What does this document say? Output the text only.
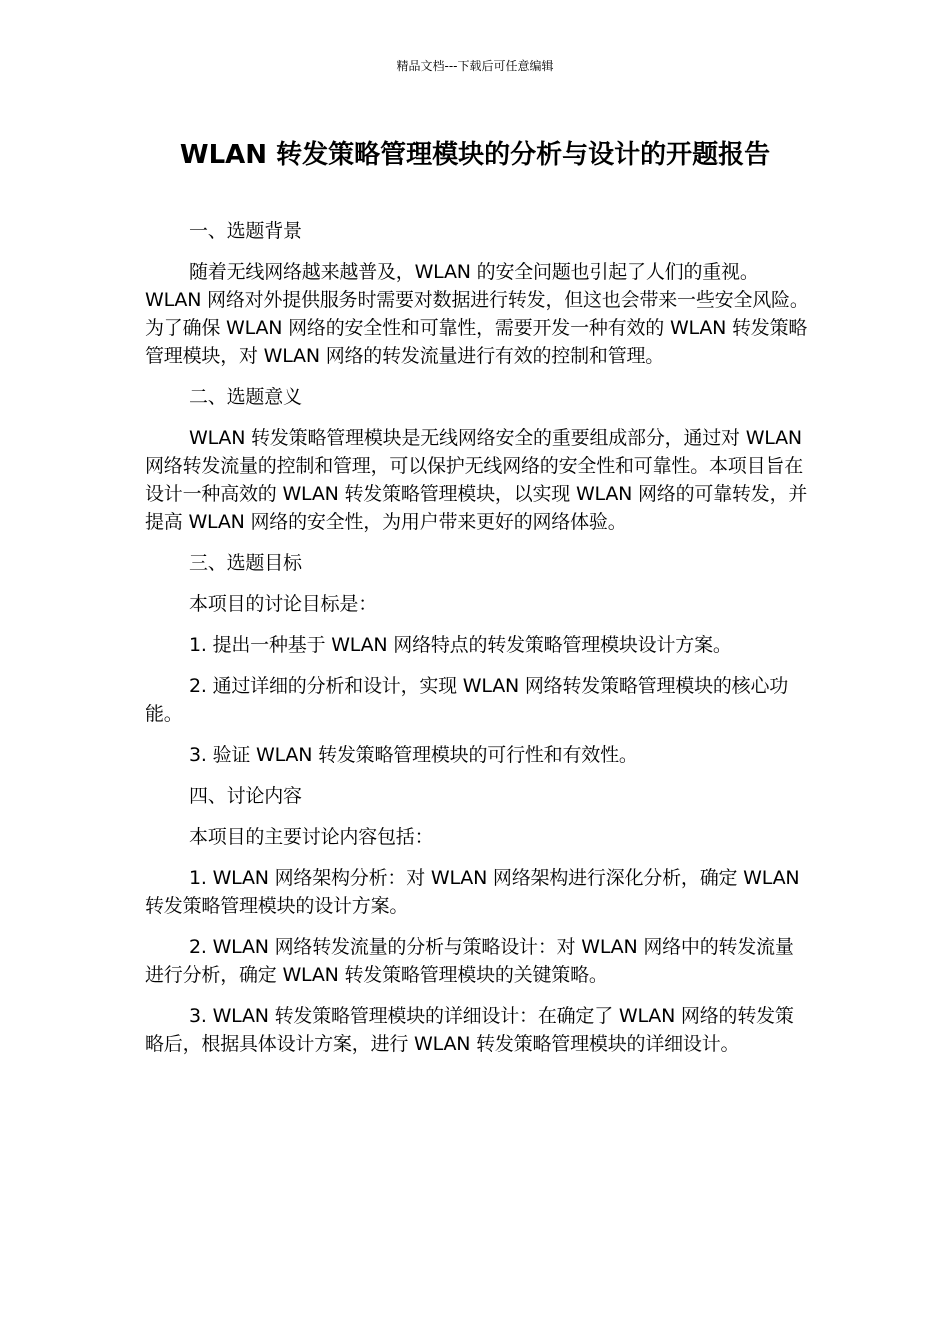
精品文档---下载后可任意编辑
WLAN 转发策略管理模块的分析与设计的开题报告

一、选题背景

随着无线网络越来越普及，WLAN 的安全问题也引起了人们的重视。WLAN 网络对外提供服务时需要对数据进行转发，但这也会带来一些安全风险。为了确保 WLAN 网络的安全性和可靠性，需要开发一种有效的 WLAN 转发策略管理模块，对 WLAN 网络的转发流量进行有效的控制和管理。

二、选题意义

WLAN 转发策略管理模块是无线网络安全的重要组成部分，通过对 WLAN 网络转发流量的控制和管理，可以保护无线网络的安全性和可靠性。本项目旨在设计一种高效的 WLAN 转发策略管理模块，以实现 WLAN 网络的可靠转发，并提高 WLAN 网络的安全性，为用户带来更好的网络体验。

三、选题目标

本项目的讨论目标是：

1. 提出一种基于 WLAN 网络特点的转发策略管理模块设计方案。

2. 通过详细的分析和设计，实现 WLAN 网络转发策略管理模块的核心功能。

3. 验证 WLAN 转发策略管理模块的可行性和有效性。

四、讨论内容

本项目的主要讨论内容包括：

1. WLAN 网络架构分析：对 WLAN 网络架构进行深化分析，确定 WLAN 转发策略管理模块的设计方案。

2. WLAN 网络转发流量的分析与策略设计：对 WLAN 网络中的转发流量进行分析，确定 WLAN 转发策略管理模块的关键策略。

3. WLAN 转发策略管理模块的详细设计：在确定了 WLAN 网络的转发策略后，根据具体设计方案，进行 WLAN 转发策略管理模块的详细设计。
